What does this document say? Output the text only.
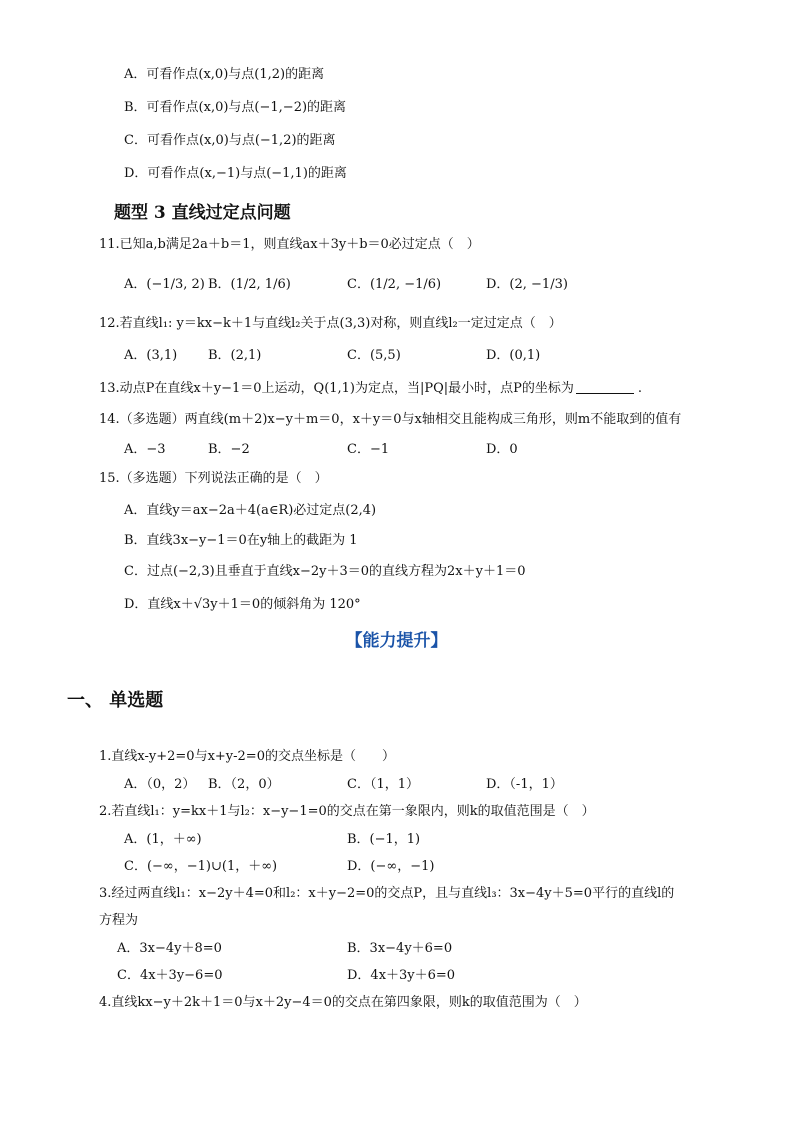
A．可看作点(x,0)与点(1,2)的距离
B．可看作点(x,0)与点(−1,−2)的距离
C．可看作点(x,0)与点(−1,2)的距离
D．可看作点(x,−1)与点(−1,1)的距离
题型 3 直线过定点问题
11.已知a,b满足2a＋b＝1，则直线ax＋3y＋b＝0必过定点（　）
A．(−1/3, 2) B．(1/2, 1/6)	C．(1/2, −1/6)	D．(2, −1/3)
12.若直线l₁: y＝kx−k＋1与直线l₂关于点(3,3)对称，则直线l₂一定过定点（　）
A．(3,1) B．(2,1)	C．(5,5)	D．(0,1)
13.动点P在直线x＋y−1＝0上运动，Q(1,1)为定点，当|PQ|最小时，点P的坐标为	.
14.（多选题）两直线(m＋2)x−y＋m＝0，x＋y＝0与x轴相交且能构成三角形，则m不能取到的值有
A．−3	B．−2	C．−1	D．0
15.（多选题）下列说法正确的是（　）
A．直线y＝ax−2a＋4(a∈R)必过定点(2,4)
B．直线3x−y−1＝0在y轴上的截距为 1
C．过点(−2,3)且垂直于直线x−2y＋3＝0的直线方程为2x＋y＋1＝0
D．直线x＋√3y＋1＝0的倾斜角为 120°
【能力提升】
一、 单选题
1.直线x-y+2=0与x+y-2=0的交点坐标是（　　）
A．（0，2） B．（2，0）	C．（1，1）	D．（-1，1）
2.若直线l₁：y=kx＋1与l₂：x−y−1=0的交点在第一象限内，则k的取值范围是（　）
A．(1，＋∞)	B．(−1，1)
C．(−∞，−1)∪(1，＋∞)	D．(−∞，−1)
3.经过两直线l₁：x−2y＋4=0和l₂：x＋y−2=0的交点P，且与直线l₃：3x−4y＋5=0平行的直线l的
方程为
A．3x−4y＋8=0	B．3x−4y＋6=0
C．4x＋3y−6=0	D．4x＋3y＋6=0
4.直线kx−y＋2k＋1＝0与x＋2y−4＝0的交点在第四象限，则k的取值范围为（　）
